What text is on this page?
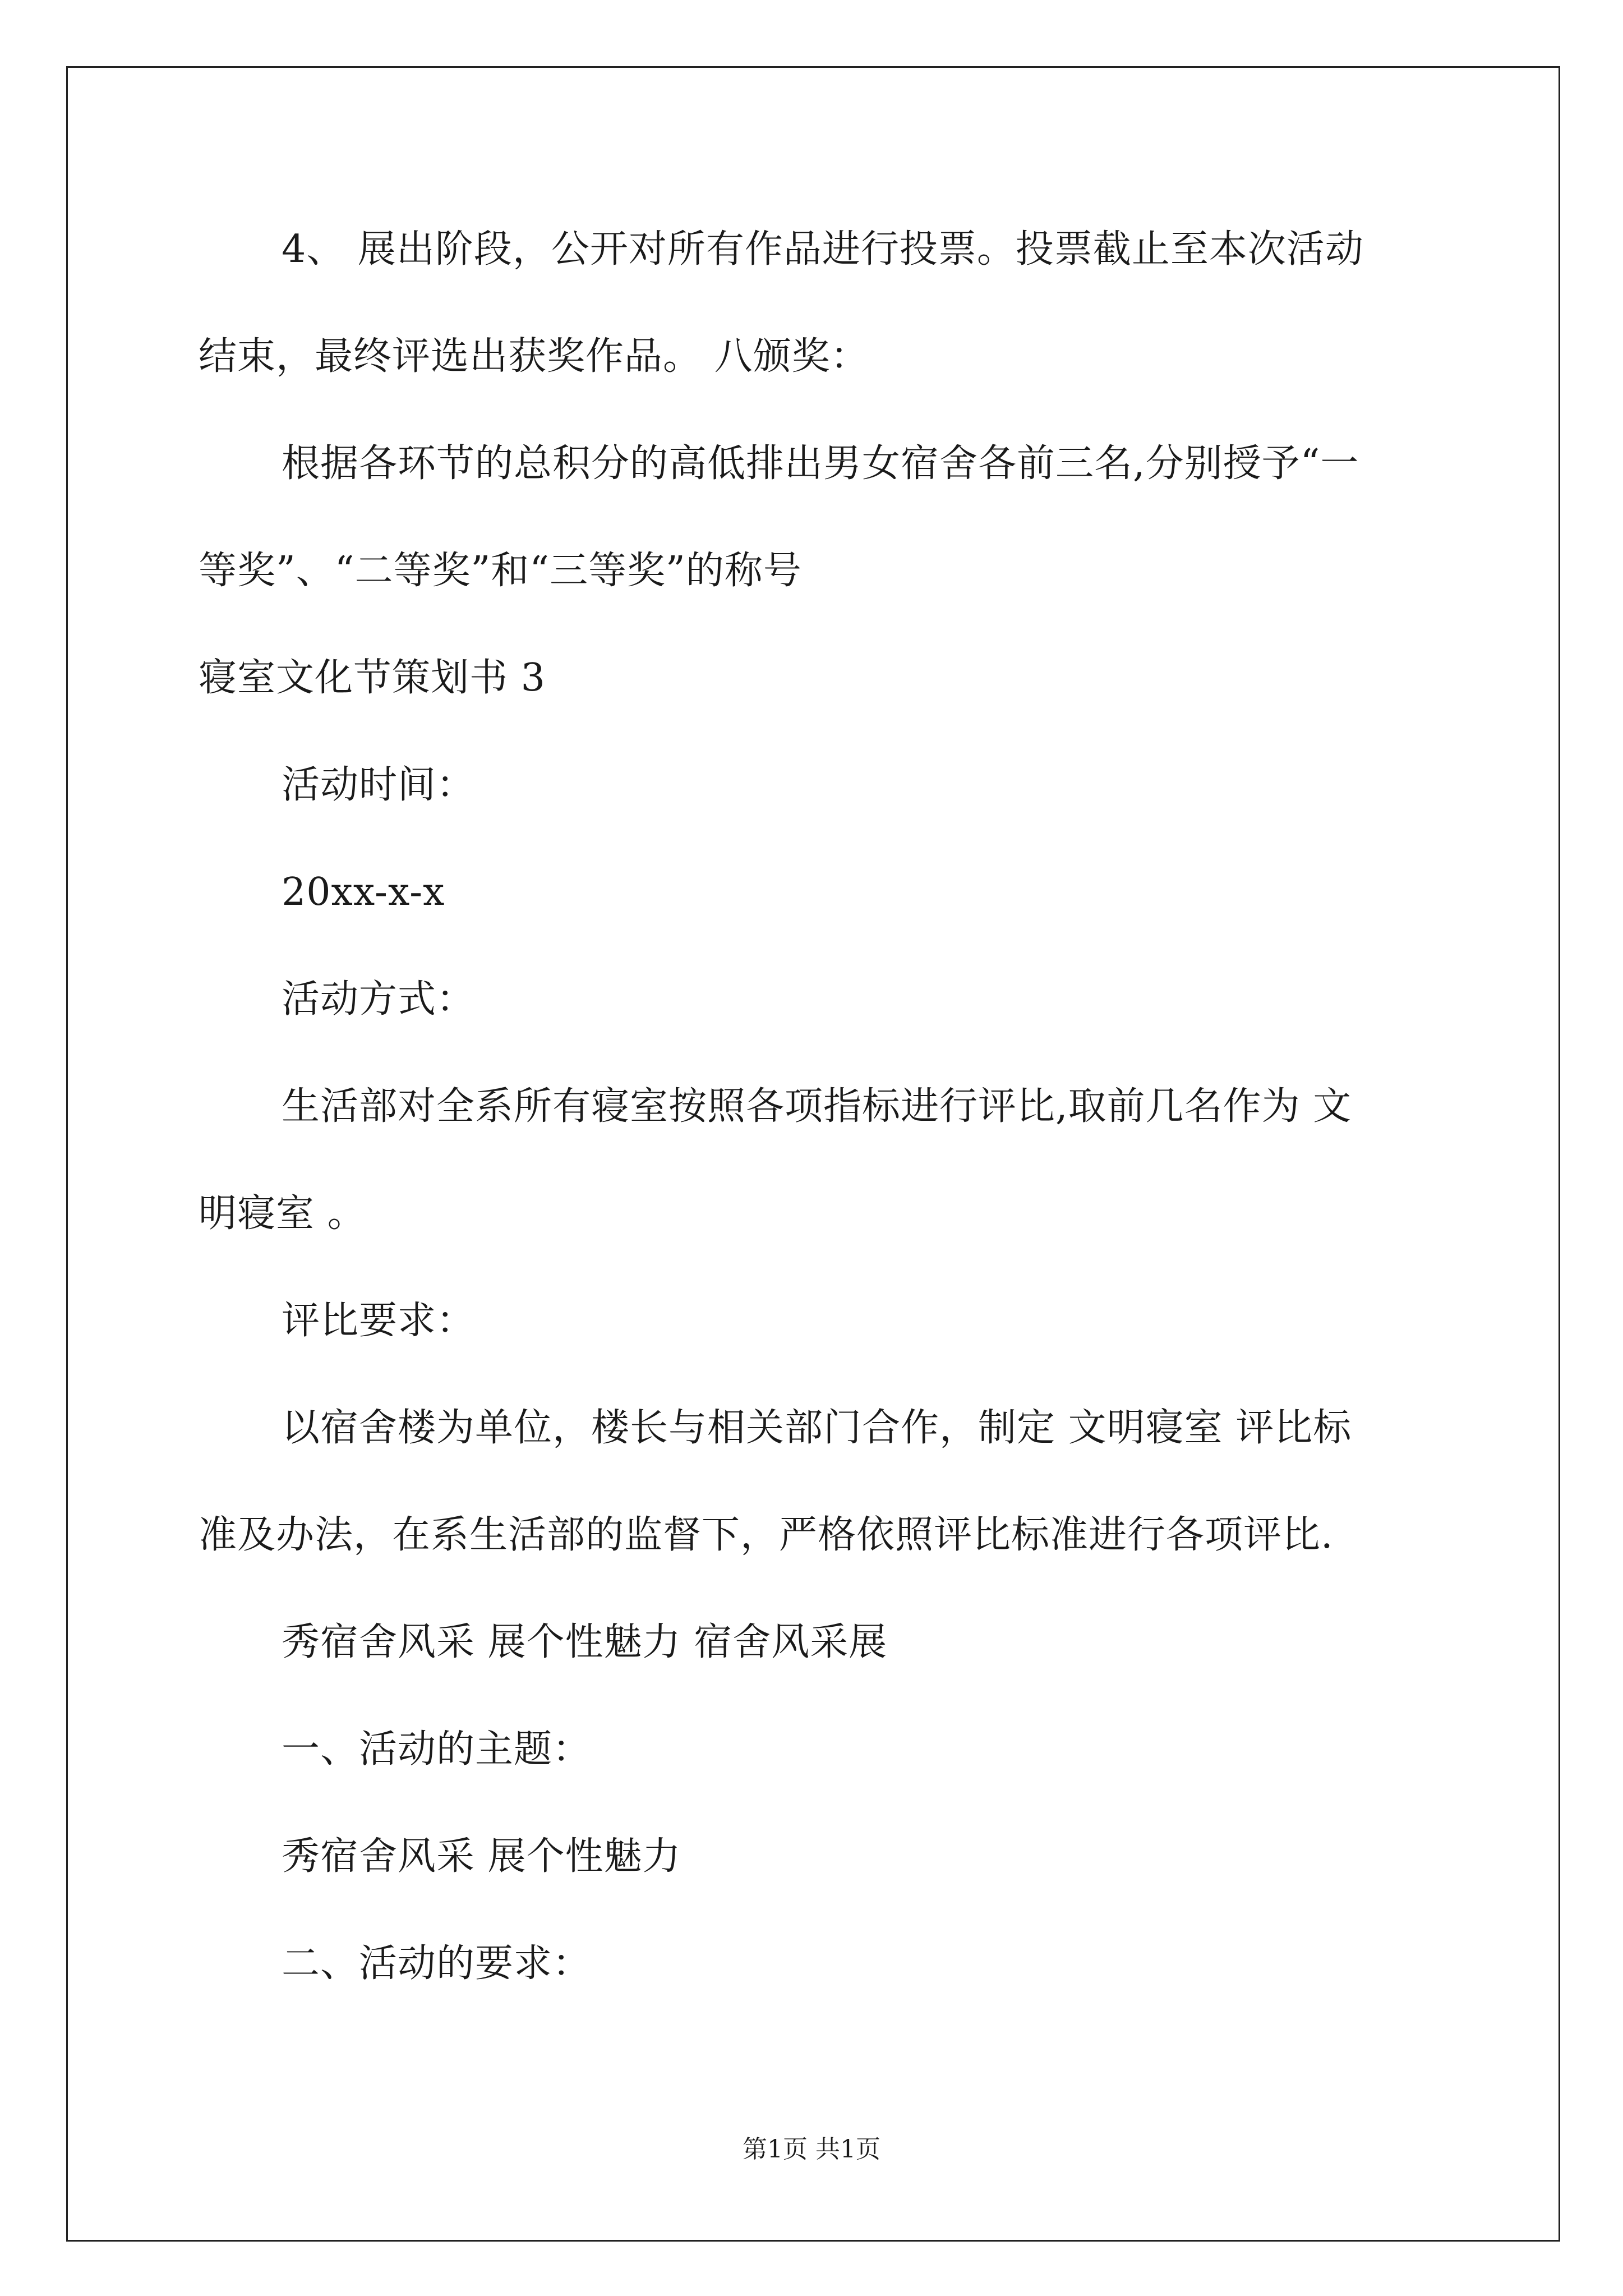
4、 展出阶段，公开对所有作品进行投票。投票截止至本次活动
结束，最终评选出获奖作品。 八颁奖：
根据各环节的总积分的高低排出男女宿舍各前三名,分别授予“一
等奖”、“二等奖”和“三等奖”的称号
寝室文化节策划书 3
活动时间：
20xx-x-x
活动方式：
生活部对全系所有寝室按照各项指标进行评比,取前几名作为 文
明寝室 。
评比要求：
以宿舍楼为单位，楼长与相关部门合作，制定 文明寝室 评比标
准及办法，在系生活部的监督下，严格依照评比标准进行各项评比.
秀宿舍风采 展个性魅力 宿舍风采展
一、活动的主题：
秀宿舍风采 展个性魅力
二、活动的要求：
第1页 共1页
